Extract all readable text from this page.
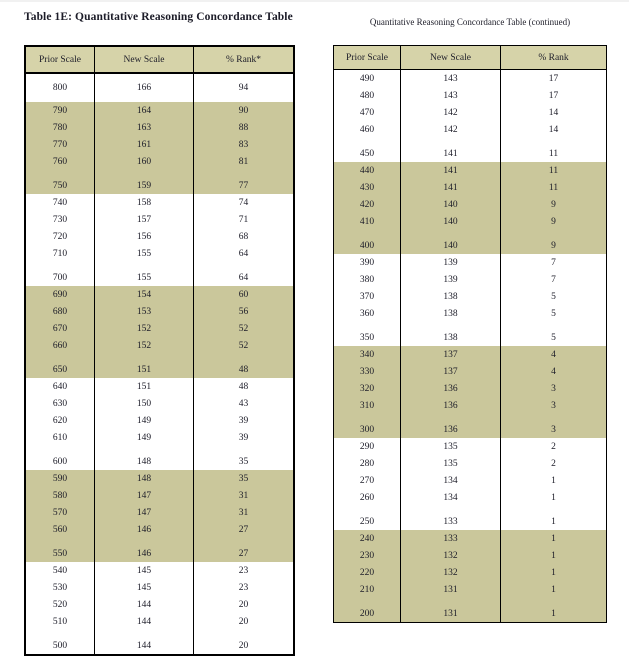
Table 1E: Quantitative Reasoning Concordance Table	Quantitative Reasoning Concordance Table (continued)
Prior Scale	New Scale	% Rank*
800	166	94
790	164	90
780	163	88
770	161	83
760	160	81
750	159	77
740	158	74
730	157	71
720	156	68
710	155	64
700	155	64
690	154	60
680	153	56
670	152	52
660	152	52
650	151	48
640	151	48
630	150	43
620	149	39
610	149	39
600	148	35
590	148	35
580	147	31
570	147	31
560	146	27
550	146	27
540	145	23
530	145	23
520	144	20
510	144	20
500	144	20
Prior Scale	New Scale	% Rank
490	143	17
480	143	17
470	142	14
460	142	14
450	141	11
440	141	11
430	141	11
420	140	9
410	140	9
400	140	9
390	139	7
380	139	7
370	138	5
360	138	5
350	138	5
340	137	4
330	137	4
320	136	3
310	136	3
300	136	3
290	135	2
280	135	2
270	134	1
260	134	1
250	133	1
240	133	1
230	132	1
220	132	1
210	131	1
200	131	1
